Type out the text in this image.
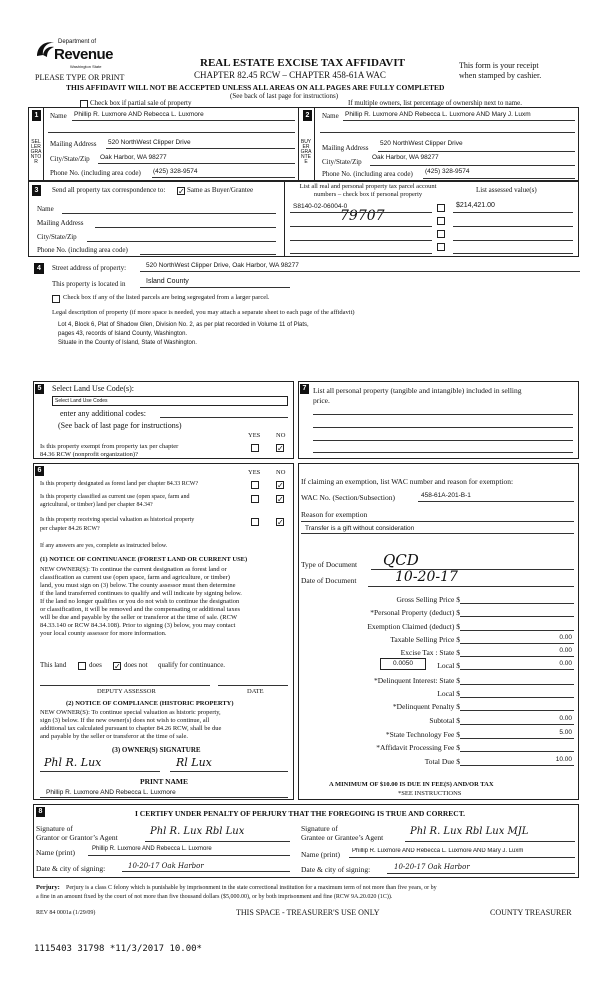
Department of
Revenue
Washington State	REAL ESTATE EXCISE TAX AFFIDAVIT
CHAPTER 82.45 RCW – CHAPTER 458-61A WAC
PLEASE TYPE OR PRINT
This form is your receipt
when stamped by cashier.
THIS AFFIDAVIT WILL NOT BE ACCEPTED UNLESS ALL AREAS ON ALL PAGES ARE FULLY COMPLETED
(See back of last page for instructions)
Check box if partial sale of property	If multiple owners, list percentage of ownership next to name.
1
SELLER GRANTOR
Name Phillip R. Luxmore AND Rebecca L. Luxmore
Mailing Address 520 NorthWest Clipper Drive
City/State/Zip Oak Harbor, WA 98277
Phone No. (including area code) (425) 328-9574
2
BUYER GRANTEE
Name Phillip R. Luxmore AND Rebecca L. Luxmore AND Mary J. Luxm
Mailing Address
520 NorthWest Clipper Drive
City/State/Zip
Oak Harbor, WA 98277
Phone No. (including area code) (425) 328-9574
3	Send all property tax correspondence to: ✓ Same as Buyer/Grantee
Name
Mailing Address
City/State/Zip
Phone No. (including area code)
List all real and personal property tax parcel account numbers – check box if personal property
List assessed value(s)
S8140-02-06004-0
79707
$214,421.00
4	Street address of property:	520 NorthWest Clipper Drive, Oak Harbor, WA 98277
This property is located in	Island County
Check box if any of the listed parcels are being segregated from a larger parcel.
Legal description of property (if more space is needed, you may attach a separate sheet to each page of the affidavit)
Lot 4, Block 6, Plat of Shadow Glen, Division No. 2, as per plat recorded in Volume 11 of Plats,
pages 43, records of Island County, Washington.
Situate in the County of Island, State of Washington.
5	Select Land Use Code(s):
Select Land Use Codes
enter any additional codes:
(See back of last page for instructions)
YES NO
Is this property exempt from property tax per chapter
84.36 RCW (nonprofit organization)?
✓
7 List all personal property (tangible and intangible) included in selling
price.
6	YES NO
Is this property designated as forest land per chapter 84.33 RCW?	✓
Is this property classified as current use (open space, farm and
agricultural, or timber) land per chapter 84.34?
✓
Is this property receiving special valuation as historical property
per chapter 84.26 RCW?
✓
If any answers are yes, complete as instructed below.
(1) NOTICE OF CONTINUANCE (FOREST LAND OR CURRENT USE)
NEW OWNER(S): To continue the current designation as forest land or
classification as current use (open space, farm and agriculture, or timber)
land, you must sign on (3) below. The county assessor must then determine
if the land transferred continues to qualify and will indicate by signing below.
If the land no longer qualifies or you do not wish to continue the designation
or classification, it will be removed and the compensating or additional taxes
will be due and payable by the seller or transferor at the time of sale. (RCW
84.33.140 or RCW 84.34.108). Prior to signing (3) below, you may contact
your local county assessor for more information.
This land	does ✓ does not qualify for continuance.
DEPUTY ASSESSOR	DATE
(2) NOTICE OF COMPLIANCE (HISTORIC PROPERTY)
NEW OWNER(S): To continue special valuation as historic property,
sign (3) below. If the new owner(s) does not wish to continue, all
additional tax calculated pursuant to chapter 84.26 RCW, shall be due
and payable by the seller or transferor at the time of sale.
(3) OWNER(S) SIGNATURE
Phl R. Lux	Rl Lux
PRINT NAME
Phillip R. Luxmore AND Rebecca L. Luxmore
If claiming an exemption, list WAC number and reason for exemption:
WAC No. (Section/Subsection)	458-61A-201-B-1
Reason for exemption
Transfer is a gift without consideration
Type of Document QCD
Date of Document	10-20-17
Gross Selling Price $
*Personal Property (deduct) $
Exemption Claimed (deduct) $
Taxable Selling Price $	0.00
Excise Tax : State $	0.00
0.0050	Local $	0.00
*Delinquent Interest: State $
Local $
*Delinquent Penalty $
Subtotal $	0.00
*State Technology Fee $	5.00
*Affidavit Processing Fee $
Total Due $	10.00
A MINIMUM OF $10.00 IS DUE IN FEE(S) AND/OR TAX
*SEE INSTRUCTIONS
8	I CERTIFY UNDER PENALTY OF PERJURY THAT THE FOREGOING IS TRUE AND CORRECT.
Signature of
Grantor or Grantor’s Agent
Phl R. Lux Rbl Lux
Name (print)	Phillip R. Luxmore AND Rebecca L. Luxmore
Date & city of signing:	10-20-17 Oak Harbor
Signature of
Grantee or Grantee’s Agent
Phl R. Lux Rbl Lux MJL
Name (print) Phillip R. Luxmore AND Rebecca L. Luxmore AND Mary J. Luxm
Date & city of signing:	10-20-17 Oak Harbor
Perjury: Perjury is a class C felony which is punishable by imprisonment in the state correctional institution for a maximum term of not more than five years, or by
a fine in an amount fixed by the court of not more than five thousand dollars ($5,000.00), or by both imprisonment and fine (RCW 9A.20.020 (1C)).
REV 84 0001a (1/29/09)	THIS SPACE - TREASURER'S USE ONLY	COUNTY TREASURER
1115403 31798 *11/3/2017 10.00*
